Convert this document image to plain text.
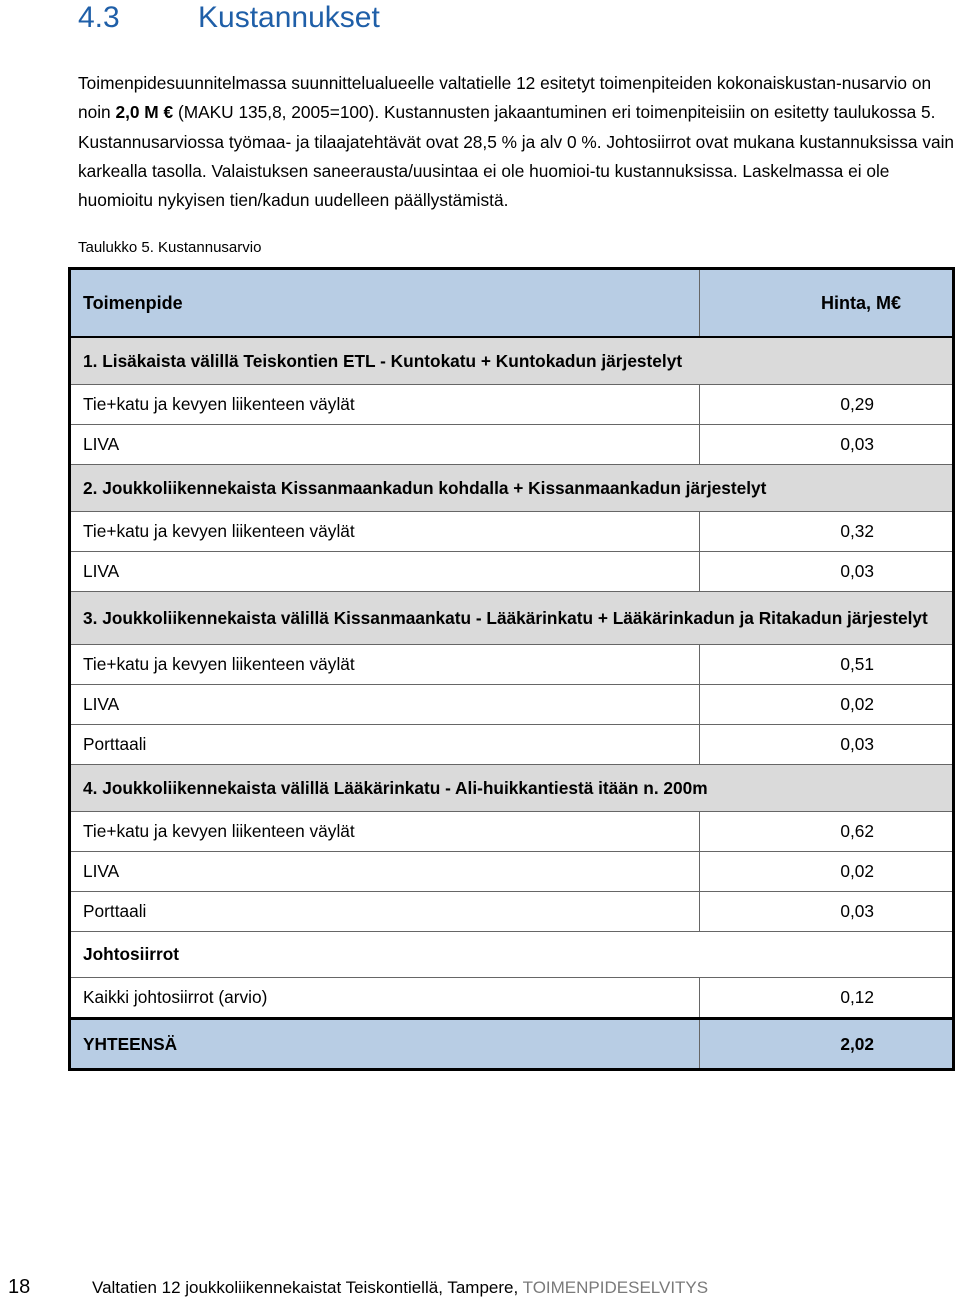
4.3	Kustannukset

Toimenpidesuunnitelmassa suunnittelualueelle valtatielle 12 esitetyt toimenpiteiden kokonaiskustan-nusarvio on noin 2,0 M € (MAKU 135,8, 2005=100). Kustannusten jakaantuminen eri toimenpiteisiin on esitetty taulukossa 5. Kustannusarviossa työmaa- ja tilaajatehtävät ovat 28,5 % ja alv 0 %. Johtosiirrot ovat mukana kustannuksissa vain karkealla tasolla. Valaistuksen saneerausta/uusintaa ei ole huomioi-tu kustannuksissa. Laskelmassa ei ole huomioitu nykyisen tien/kadun uudelleen päällystämistä.

Taulukko 5. Kustannusarvio

Toimenpide	Hinta, M€
1. Lisäkaista välillä Teiskontien ETL - Kuntokatu + Kuntokadun järjestelyt	
Tie+katu ja kevyen liikenteen väylät	0,29
LIVA	0,03
2. Joukkoliikennekaista Kissanmaankadun kohdalla + Kissanmaankadun järjestelyt	
Tie+katu ja kevyen liikenteen väylät	0,32
LIVA	0,03
3. Joukkoliikennekaista välillä Kissanmaankatu - Lääkärinkatu + Lääkärinkadun ja Ritakadun järjestelyt	
Tie+katu ja kevyen liikenteen väylät	0,51
LIVA	0,02
Porttaali	0,03
4. Joukkoliikennekaista välillä Lääkärinkatu - Ali-huikkantiestä itään n. 200m	
Tie+katu ja kevyen liikenteen väylät	0,62
LIVA	0,02
Porttaali	0,03
Johtosiirrot	
Kaikki johtosiirrot (arvio)	0,12
YHTEENSÄ	2,02
18	Valtatien 12 joukkoliikennekaistat Teiskontiellä, Tampere, TOIMENPIDESELVITYS
